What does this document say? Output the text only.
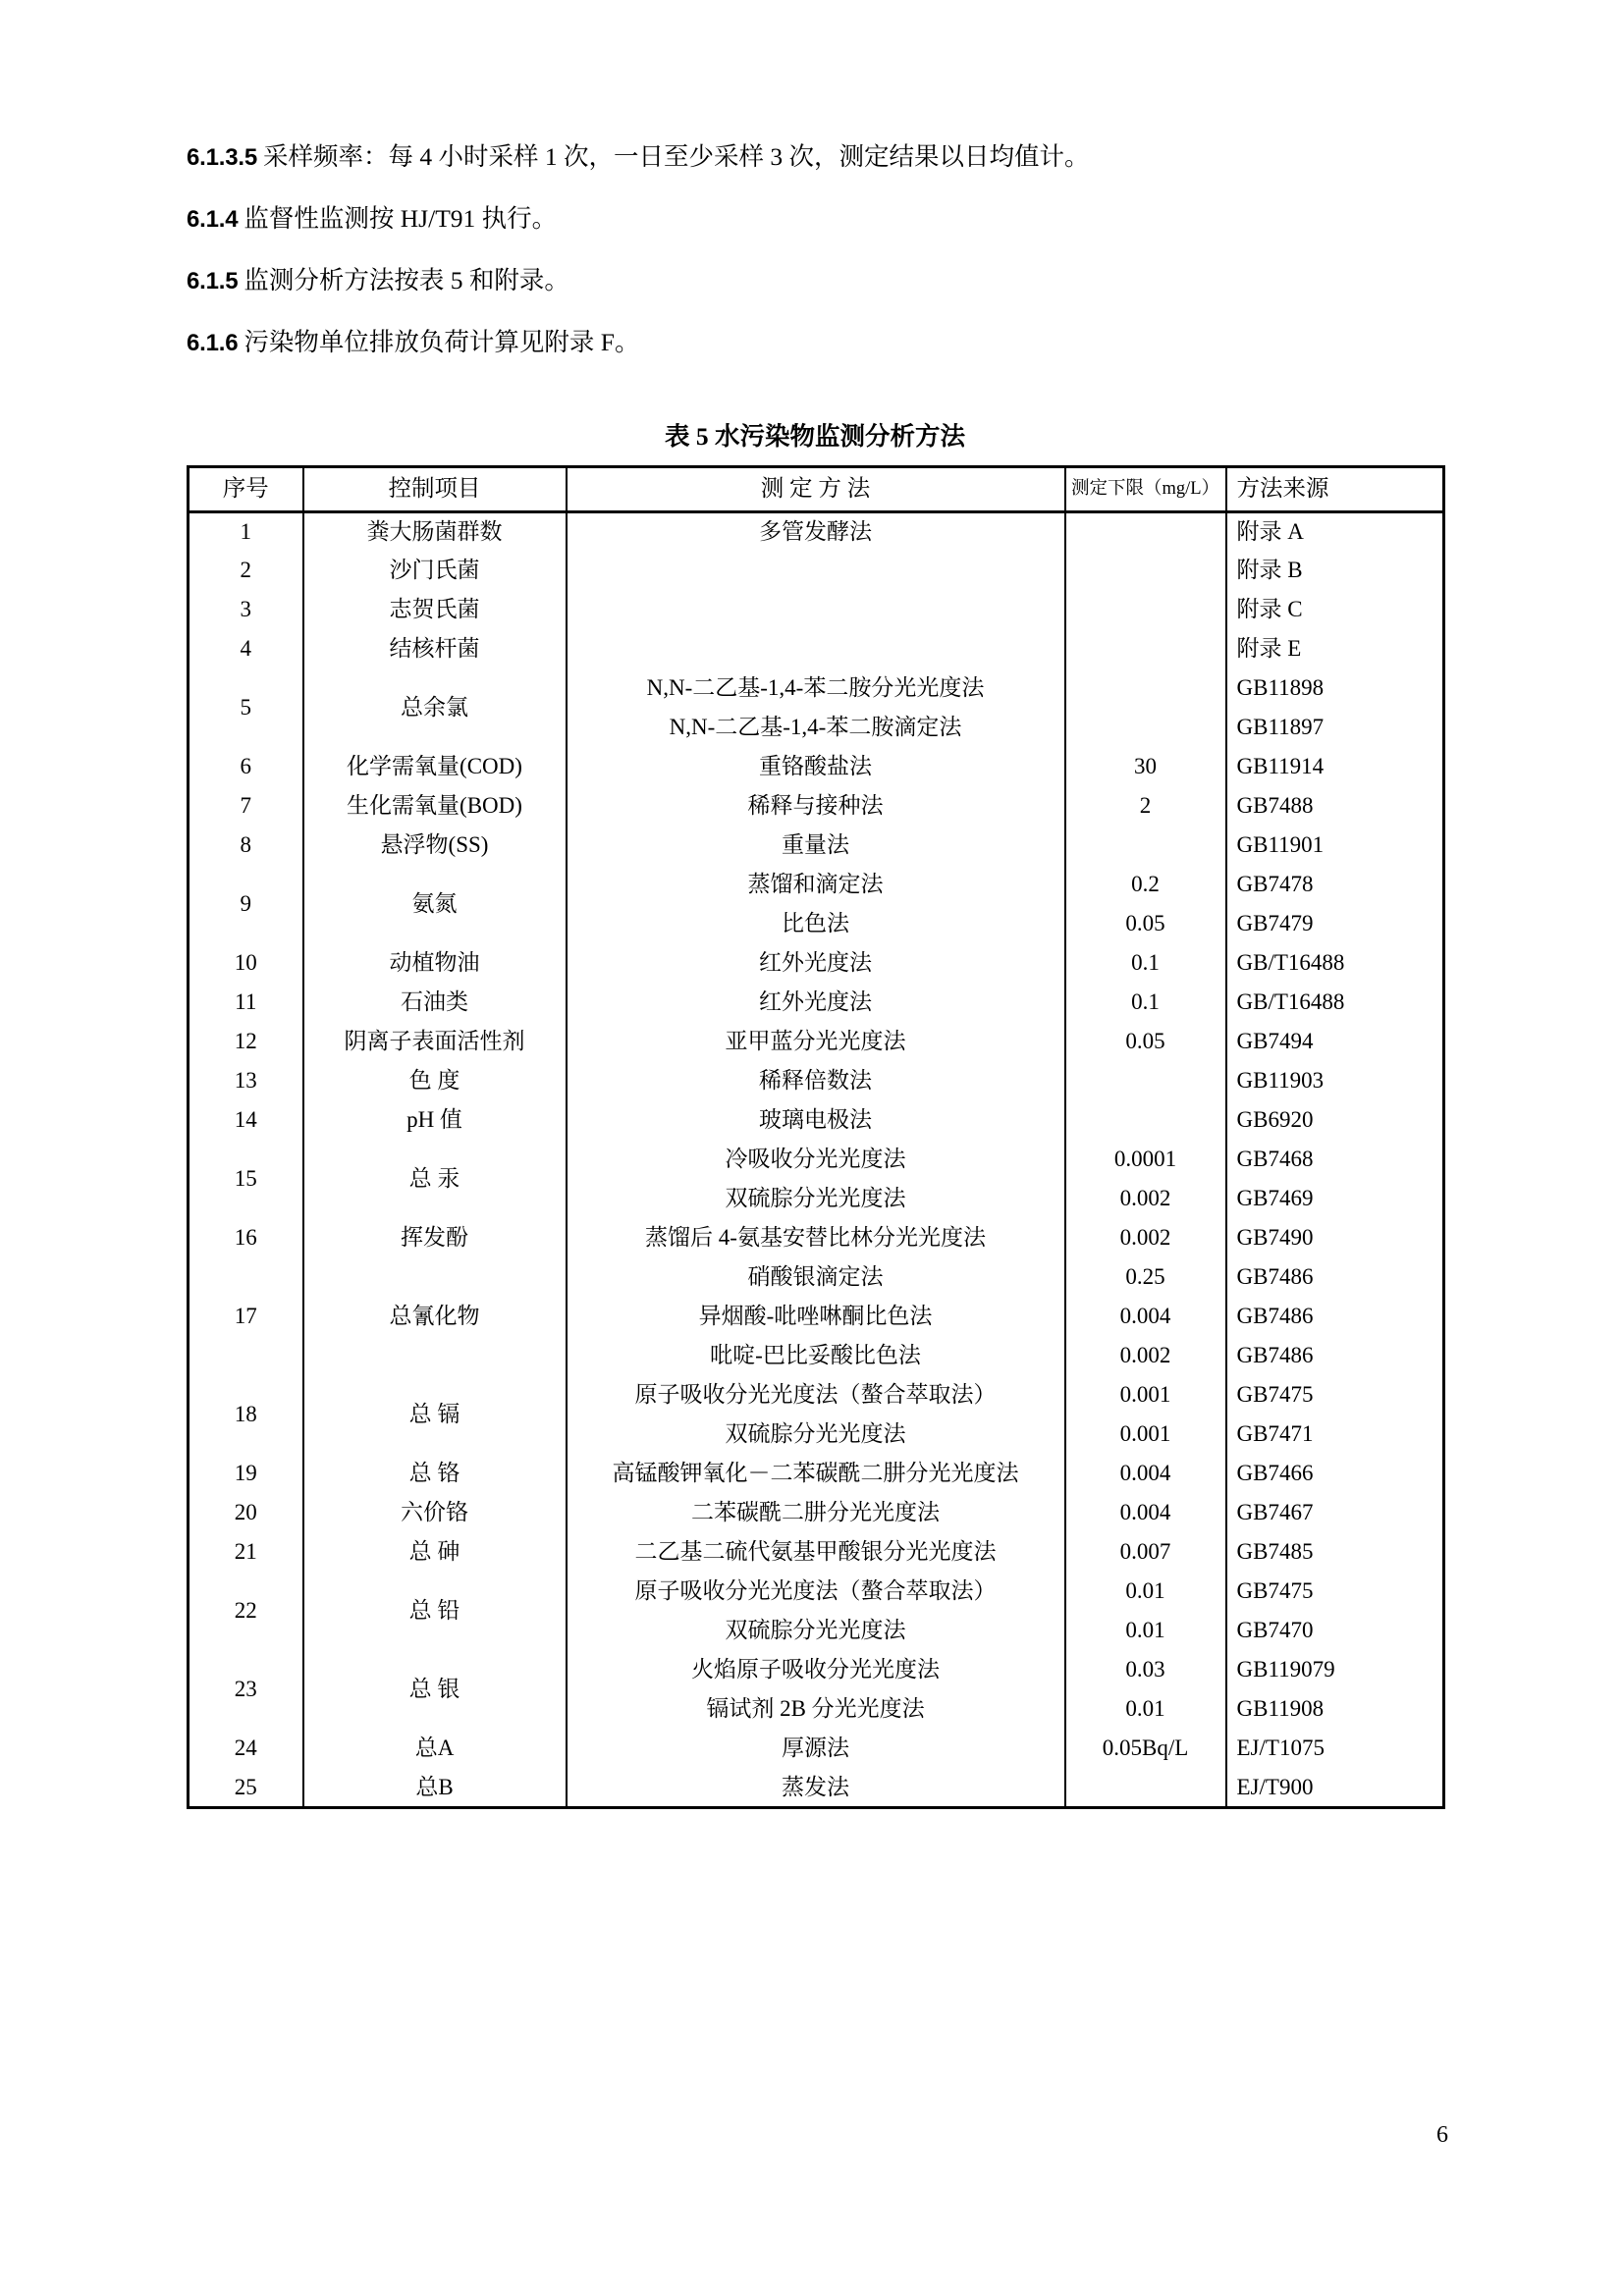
6.1.3.5 采样频率：每 4 小时采样 1 次，一日至少采样 3 次，测定结果以日均值计。
6.1.4 监督性监测按 HJ/T91 执行。
6.1.5 监测分析方法按表 5 和附录。
6.1.6 污染物单位排放负荷计算见附录 F。
表 5 水污染物监测分析方法
序号	控制项目	测 定 方 法	测定下限（mg/L）	方法来源
1	粪大肠菌群数	多管发酵法		附录 A
2	沙门氏菌			附录 B
3	志贺氏菌			附录 C
4	结核杆菌			附录 E
5	总余氯	N,N-二乙基-1,4-苯二胺分光光度法		GB11898
		N,N-二乙基-1,4-苯二胺滴定法		GB11897
6	化学需氧量(COD)	重铬酸盐法	30	GB11914
7	生化需氧量(BOD)	稀释与接种法	2	GB7488
8	悬浮物(SS)	重量法		GB11901
9	氨氮	蒸馏和滴定法	0.2	GB7478
		比色法	0.05	GB7479
10	动植物油	红外光度法	0.1	GB/T16488
11	石油类	红外光度法	0.1	GB/T16488
12	阴离子表面活性剂	亚甲蓝分光光度法	0.05	GB7494
13	色 度	稀释倍数法		GB11903
14	pH 值	玻璃电极法		GB6920
15	总 汞	冷吸收分光光度法	0.0001	GB7468
		双硫腙分光光度法	0.002	GB7469
16	挥发酚	蒸馏后 4-氨基安替比林分光光度法	0.002	GB7490
17	总氰化物	硝酸银滴定法	0.25	GB7486
		异烟酸-吡唑啉酮比色法	0.004	GB7486
		吡啶-巴比妥酸比色法	0.002	GB7486
18	总 镉	原子吸收分光光度法（螯合萃取法）	0.001	GB7475
		双硫腙分光光度法	0.001	GB7471
19	总 铬	高锰酸钾氧化－二苯碳酰二肼分光光度法	0.004	GB7466
20	六价铬	二苯碳酰二肼分光光度法	0.004	GB7467
21	总 砷	二乙基二硫代氨基甲酸银分光光度法	0.007	GB7485
22	总 铅	原子吸收分光光度法（螯合萃取法）	0.01	GB7475
		双硫腙分光光度法	0.01	GB7470
23	总 银	火焰原子吸收分光光度法	0.03	GB119079
		镉试剂 2B 分光光度法	0.01	GB11908
24	总A	厚源法	0.05Bq/L	EJ/T1075
25	总B	蒸发法		EJ/T900
6
